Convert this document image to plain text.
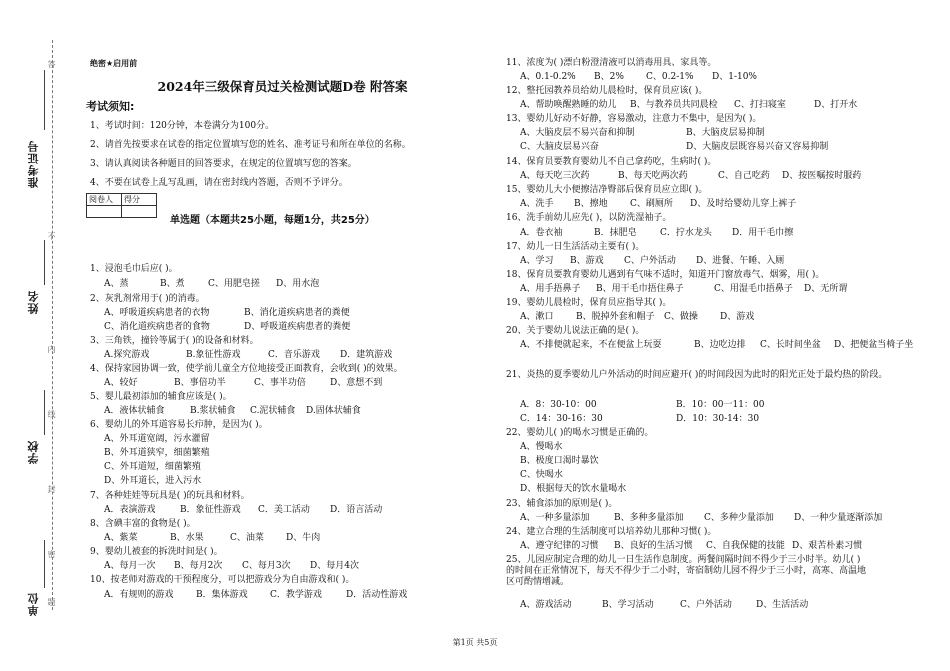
准考证号
姓名
学校
单位
答
不
内
线
封
密
题
绝密★启用前
2024年三级保育员过关检测试题D卷 附答案
考试须知:
1、考试时间：120分钟，本卷满分为100分。
2、请首先按要求在试卷的指定位置填写您的姓名、准考证号和所在单位的名称。
3、请认真阅读各种题目的回答要求，在规定的位置填写您的答案。
4、不要在试卷上乱写乱画，请在密封线内答题，否则不予评分。
阅卷人	得分

单选题（本题共25小题，每题1分，共25分）
1、浸泡毛巾后应( )。
A、蒸	B、煮	C、用肥皂搓 D、用水泡
2、灰乳剂常用于( )的消毒。
A、呼吸道疾病患者的衣物	B、消化道疾病患者的粪便
C、消化道疾病患者的食物	D、呼吸道疾病患者的粪便
3、三角铁，撞铃等属于( )的设备和材料。
A.探究游戏	B.象征性游戏	C．音乐游戏 D．建筑游戏
4、保持家园协调一致，使学前儿童全方位地接受正面教育，会收到( )的效果。
A、较好	B、事倍功半	C、事半功倍	D、意想不到
5、婴儿最初添加的辅食应该是( )。
A．液体状辅食	B.浆状辅食 C.泥状辅食 D.固体状辅食
6、婴幼儿的外耳道容易长疖肿，是因为( )。
A、外耳道宽阔，污水灌留
B、外耳道狭窄，细菌繁殖
C、外耳道短，细菌繁殖
D、外耳道长，进入污水
7、各种娃娃等玩具是( )的玩具和材料。
A．表演游戏	B．象征性游戏 C．美工活动 D．语言活动
8、含碘丰富的食物是( )。
A、紫菜	B、水果	C、油菜 D、牛肉
9、婴幼儿被套的拆洗时间是( )。
A、每月一次 B、每月2次 C、每月3次 D、每月4次
10、按老师对游戏的干预程度分，可以把游戏分为自由游戏和( )。
A．有规则的游戏	B．集体游戏 C．教学游戏	D．活动性游戏
11、浓度为( )漂白粉澄清液可以消毒用具、家具等。
A、0.1-0.2% B、2% C、0.2-1% D、1-10%
12、整托园教养员给幼儿晨检时，保育员应该( )。
A、帮助唤醒熟睡的幼儿 B、与教养员共同晨检 C、打扫寝室	D、打开水
13、婴幼儿好动不好静，容易激动，注意力不集中，是因为( )。
A、大脑皮层不易兴奋和抑制	B、大脑皮层易抑制
C、大脑皮层易兴奋	D、大脑皮层既容易兴奋又容易抑制
14、保育员要教育婴幼儿不自己拿药吃，生病时( )。
A、每天吃三次药	B、每天吃两次药	C、自己吃药 D、按医嘱按时服药
15、婴幼儿大小便擦洁净臀部后保育员应立即( )。
A、洗手 B、擦地 C、刷厕所 D、及时给婴幼儿穿上裤子
16、洗手前幼儿应先( )，以防洗湿袖子。
A．卷衣袖	B．抹肥皂	C．拧水龙头 D．用干毛巾擦
17、幼儿一日生活活动主要有( )。
A、学习 B、游戏 C、户外活动 D、进餐、午睡、入厕
18、保育员要教育婴幼儿遇到有气味不适时，知道开门窗放毒气、烟雾，用( )。
A、用手捂鼻子 B、用干毛巾捂住鼻子	C、用湿毛巾捂鼻子 D、无所谓
19、婴幼儿晨检时，保育员应指导其( )。
A、漱口	B、脱掉外套和帽子 C、做操 D、游戏
20、关于婴幼儿说法正确的是( )。
A、不排便就起来，不在便盆上玩耍	B、边吃边排 C、长时间坐盆 D、把便盆当椅子坐
21、炎热的夏季婴幼儿户外活动的时间应避开( )的时间段因为此时的阳光正处于最灼热的阶段。
A．8：30-10：00	B．10：00一11：00
C．14：30-16：30	D．10：30-14：30
22、婴幼儿( )的喝水习惯是正确的。
A、慢喝水
B、极度口渴时暴饮
C、快喝水
D、根据每天的饮水量喝水
23、辅食添加的原则是( )。
A、一种多量添加	B、多种多量添加 C、多种少量添加 D、一种少量逐渐添加
24、建立合理的生活制度可以培养幼儿那种习惯( )。
A、遵守纪律的习惯 B、良好的生活习惯 C、自我保健的技能 D、艰苦朴素习惯
25、儿园应制定合理的幼儿一日生活作息制度。两餐间隔时间不得少于三小时半。幼儿( )的时间在正常情况下，每天不得少于二小时，寄宿制幼儿园不得少于三小时，高寒、高温地区可酌情增减。
A、游戏活动	B、学习活动	C、户外活动	D、生活活动
第1页 共5页
